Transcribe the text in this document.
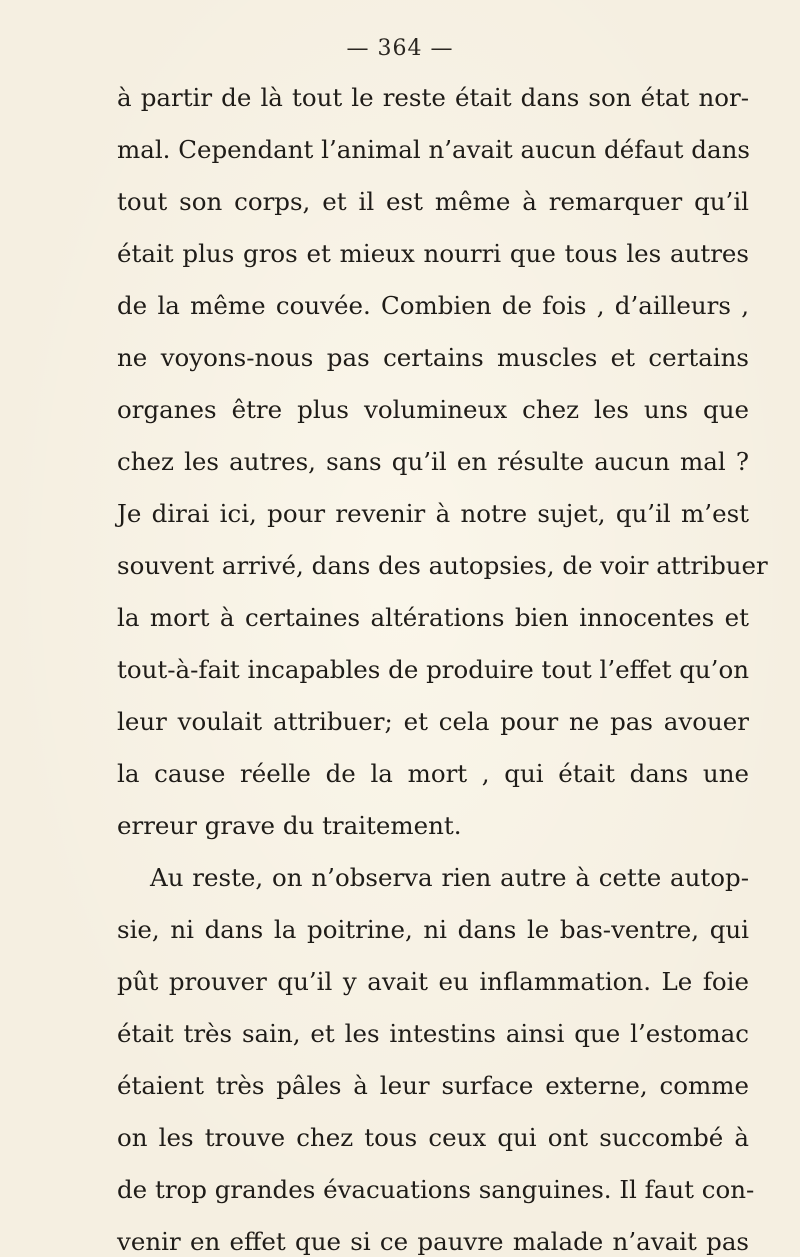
— 364 —
à partir de là tout le reste était dans son état nor-
mal. Cependant l’animal n’avait aucun défaut dans
tout son corps, et il est même à remarquer qu’il
était plus gros et mieux nourri que tous les autres
de la même couvée. Combien de fois , d’ailleurs ,
ne voyons-nous pas certains muscles et certains
organes être plus volumineux chez les uns que
chez les autres, sans qu’il en résulte aucun mal ?
Je dirai ici, pour revenir à notre sujet, qu’il m’est
souvent arrivé, dans des autopsies, de voir attribuer
la mort à certaines altérations bien innocentes et
tout-à-fait incapables de produire tout l’effet qu’on
leur voulait attribuer; et cela pour ne pas avouer
la cause réelle de la mort , qui était dans une
erreur grave du traitement.
Au reste, on n’observa rien autre à cette autop-
sie, ni dans la poitrine, ni dans le bas-ventre, qui
pût prouver qu’il y avait eu inflammation. Le foie
était très sain, et les intestins ainsi que l’estomac
étaient très pâles à leur surface externe, comme
on les trouve chez tous ceux qui ont succombé à
de trop grandes évacuations sanguines. Il faut con-
venir en effet que si ce pauvre malade n’avait pas
